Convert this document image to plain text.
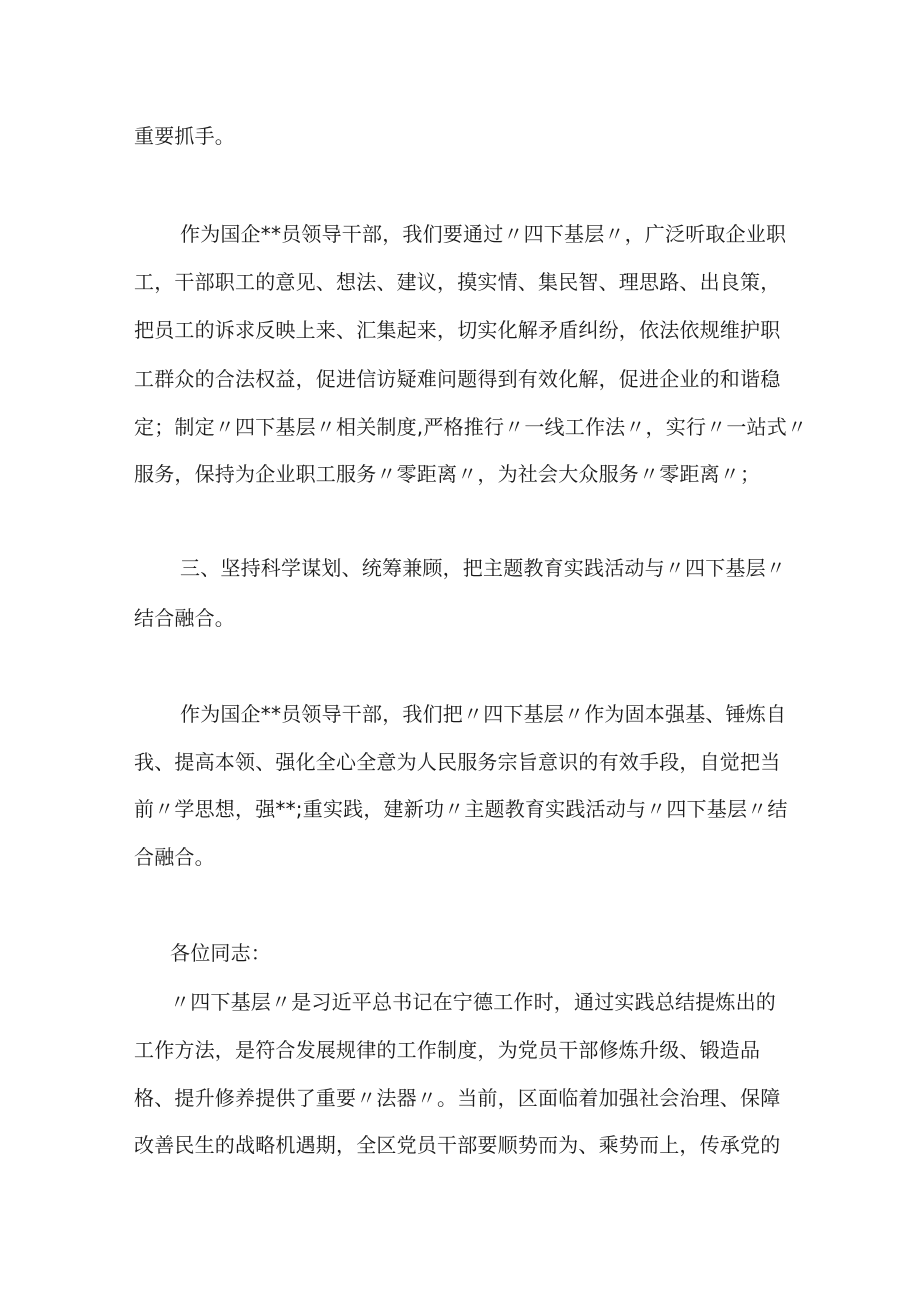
重要抓手。
作为国企**员领导干部，我们要通过〃四下基层〃，广泛听取企业职
工，干部职工的意见、想法、建议，摸实情、集民智、理思路、出良策，
把员工的诉求反映上来、汇集起来，切实化解矛盾纠纷，依法依规维护职
工群众的合法权益，促进信访疑难问题得到有效化解，促进企业的和谐稳
定；制定〃四下基层〃相关制度,严格推行〃一线工作法〃，实行〃一站式〃
服务，保持为企业职工服务〃零距离〃，为社会大众服务〃零距离〃；
三、坚持科学谋划、统筹兼顾，把主题教育实践活动与〃四下基层〃
结合融合。
作为国企**员领导干部，我们把〃四下基层〃作为固本强基、锤炼自
我、提高本领、强化全心全意为人民服务宗旨意识的有效手段，自觉把当
前〃学思想，强**;重实践，建新功〃主题教育实践活动与〃四下基层〃结
合融合。
各位同志：
〃四下基层〃是习近平总书记在宁德工作时，通过实践总结提炼出的
工作方法，是符合发展规律的工作制度，为党员干部修炼升级、锻造品
格、提升修养提供了重要〃法器〃。当前，区面临着加强社会治理、保障
改善民生的战略机遇期，全区党员干部要顺势而为、乘势而上，传承党的
